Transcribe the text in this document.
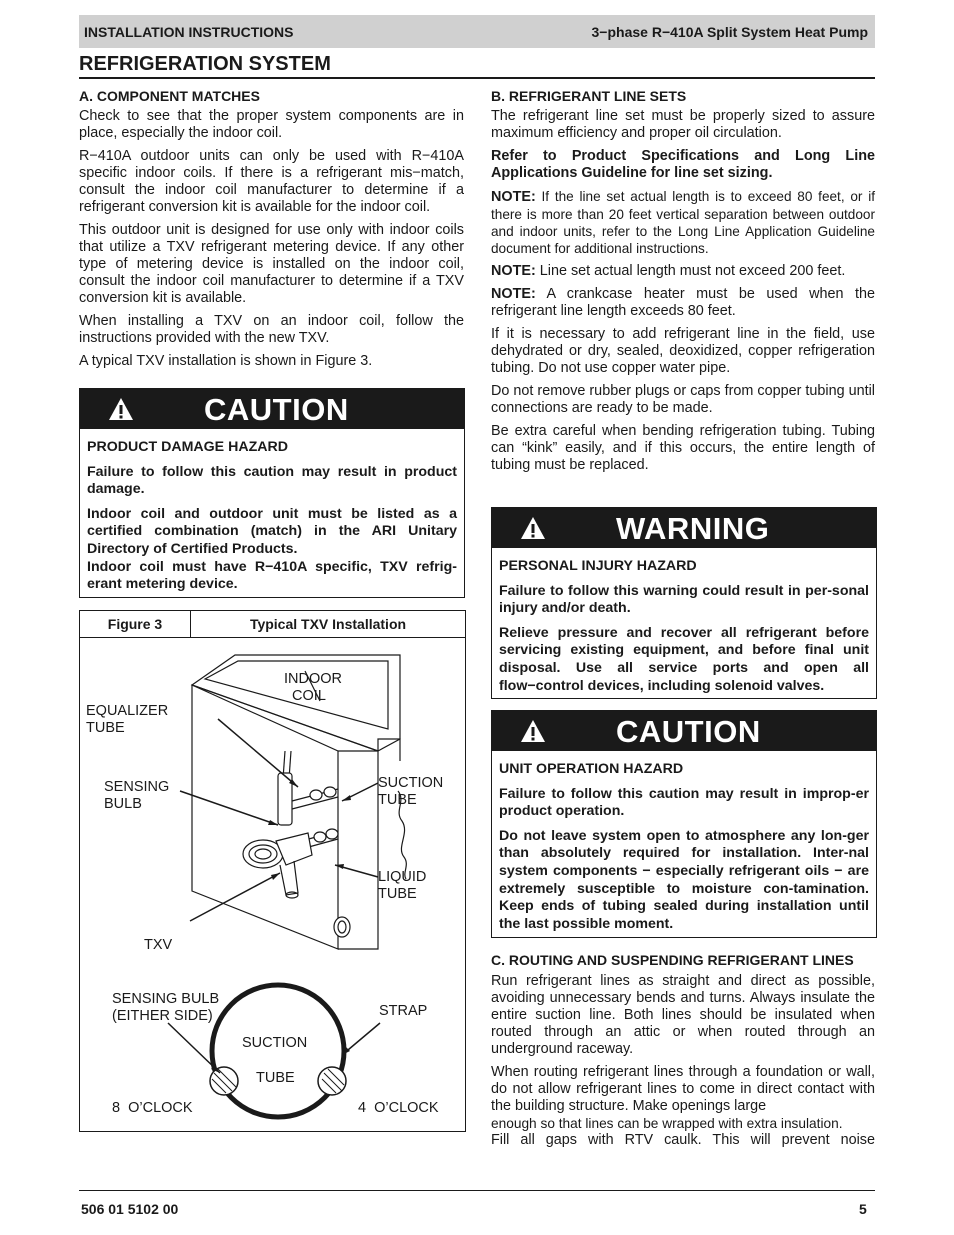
INSTALLATION INSTRUCTIONS	3−phase R−410A Split System Heat Pump
REFRIGERATION SYSTEM
A. COMPONENT MATCHES

Check to see that the proper system components are in place, especially the indoor coil.

R−410A outdoor units can only be used with R−410A specific indoor coils. If there is a refrigerant mis−match, consult the indoor coil manufacturer to determine if a refrigerant conversion kit is available for the indoor coil.

This outdoor unit is designed for use only with indoor coils that utilize a TXV refrigerant metering device. If any other type of metering device is installed on the indoor coil, consult the indoor coil manufacturer to determine if a TXV conversion kit is available.

When installing a TXV on an indoor coil, follow the instructions provided with the new TXV.

A typical TXV installation is shown in Figure 3.

CAUTION

PRODUCT DAMAGE HAZARD

Failure to follow this caution may result in product damage.

Indoor coil and outdoor unit must be listed as a certified combination (match) in the ARI Unitary Directory of Certified Products.

Indoor coil must have R−410A specific, TXV refrig-erant metering device.

Figure 3	Typical TXV Installation
INDOOR
COIL
EQUALIZER
TUBE
SENSING
BULB
SUCTION
TUBE
LIQUID
TUBE
TXV
SENSING BULB
(EITHER SIDE)	STRAP
SUCTION
TUBE
8  O’CLOCK	4  O’CLOCK
B. REFRIGERANT LINE SETS

The refrigerant line set must be properly sized to assure maximum efficiency and proper oil circulation.

Refer to Product Specifications and Long Line Applications Guideline for line set sizing.

NOTE: If the line set actual length is to exceed 80 feet, or if there is more than 20 feet vertical separation between outdoor and indoor units, refer to the Long Line Application Guideline document for additional instructions.

NOTE: Line set actual length must not exceed 200 feet.

NOTE: A crankcase heater must be used when the refrigerant line length exceeds 80 feet.

If it is necessary to add refrigerant line in the field, use dehydrated or dry, sealed, deoxidized, copper refrigeration tubing. Do not use copper water pipe.

Do not remove rubber plugs or caps from copper tubing until connections are ready to be made.

Be extra careful when bending refrigeration tubing. Tubing can “kink” easily, and if this occurs, the entire length of tubing must be replaced.

WARNING

PERSONAL INJURY HAZARD

Failure to follow this warning could result in per-sonal injury and/or death.

Relieve pressure and recover all refrigerant before servicing existing equipment, and before final unit disposal. Use all service ports and open all flow−control devices, including solenoid valves.

CAUTION

UNIT OPERATION HAZARD

Failure to follow this caution may result in improp-er product operation.

Do not leave system open to atmosphere any lon-ger than absolutely required for installation. Inter-nal system components − especially refrigerant oils − are extremely susceptible to moisture con-tamination. Keep ends of tubing sealed during installation until the last possible moment.

C. ROUTING AND SUSPENDING REFRIGERANT LINES

Run refrigerant lines as straight and direct as possible, avoiding unnecessary bends and turns. Always insulate the entire suction line. Both lines should be insulated when routed through an attic or when routed through an underground raceway.

When routing refrigerant lines through a foundation or wall, do not allow refrigerant lines to come in direct contact with the building structure. Make openings large

enough so that lines can be wrapped with extra insulation.

Fill all gaps with RTV caulk. This will prevent noise

506 01 5102 00	5
